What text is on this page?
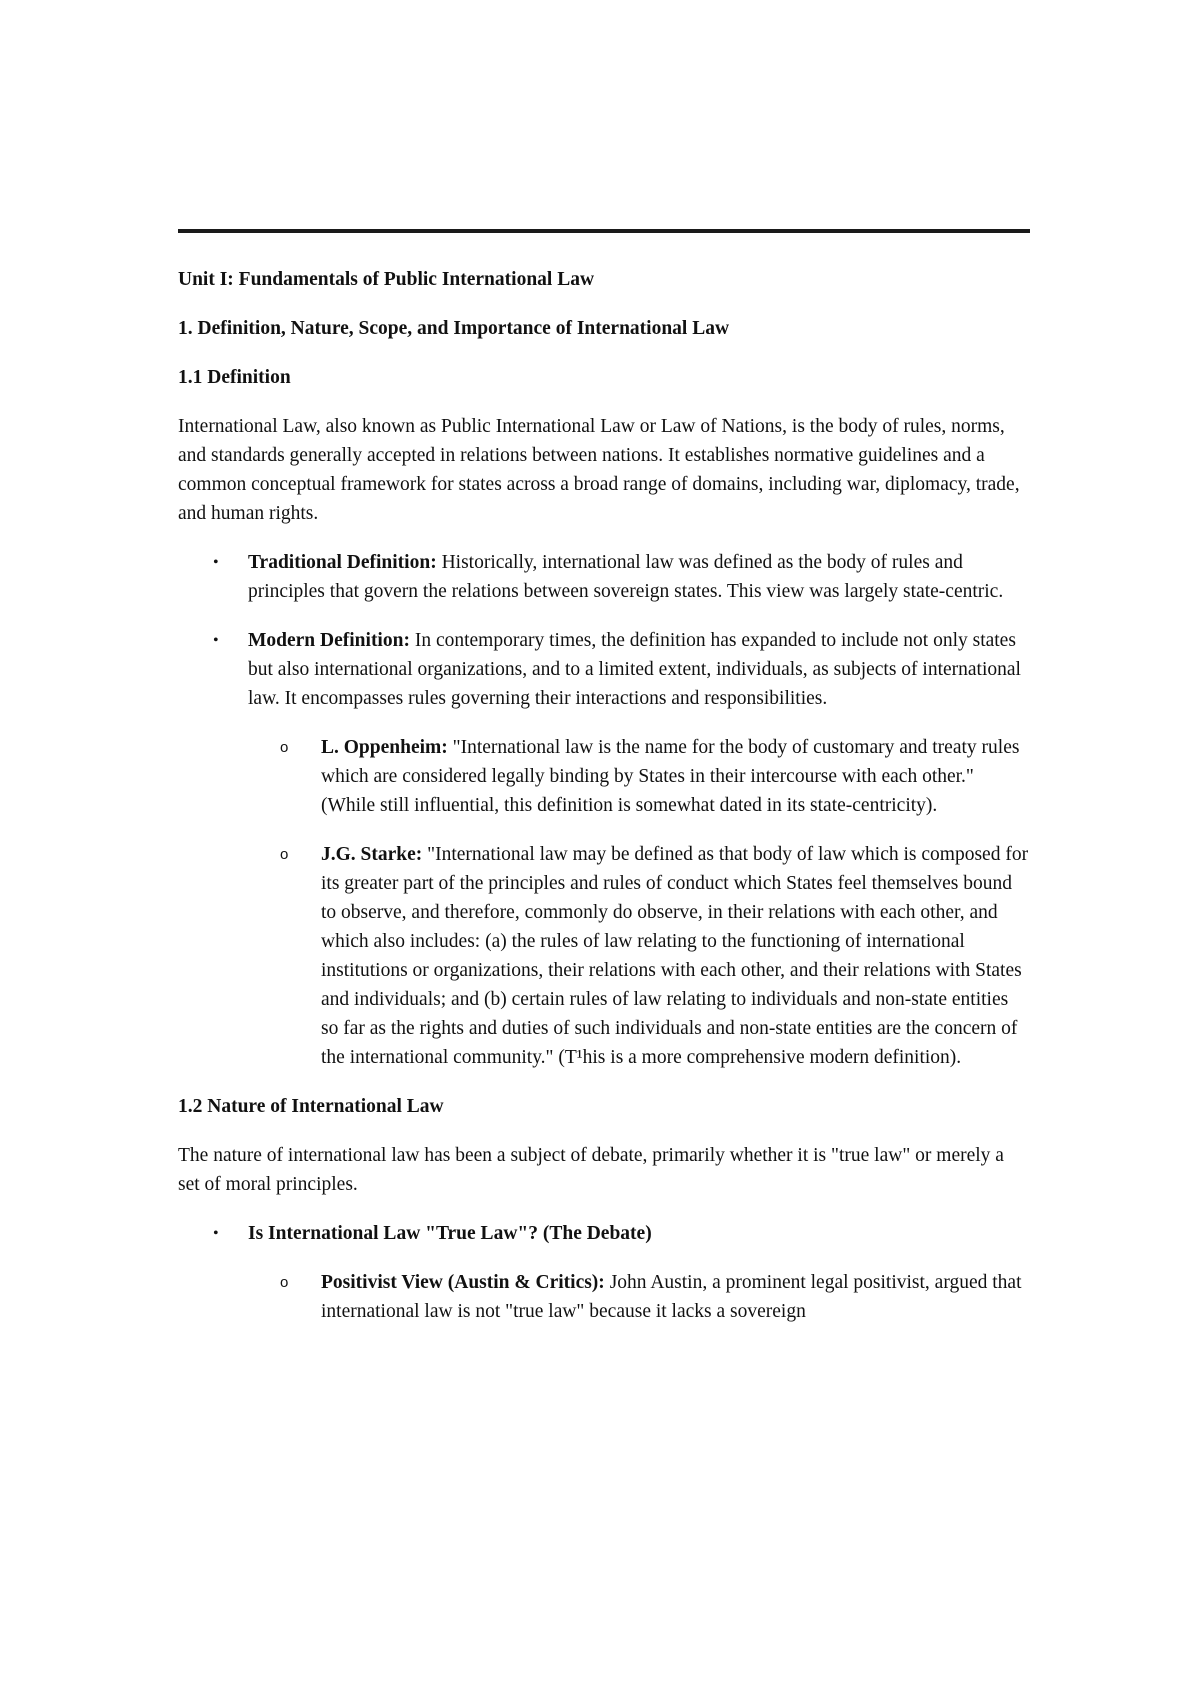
Unit I: Fundamentals of Public International Law

1. Definition, Nature, Scope, and Importance of International Law

1.1 Definition

International Law, also known as Public International Law or Law of Nations, is the body of rules, norms, and standards generally accepted in relations between nations. It establishes normative guidelines and a common conceptual framework for states across a broad range of domains, including war, diplomacy, trade, and human rights.

• Traditional Definition: Historically, international law was defined as the body of rules and principles that govern the relations between sovereign states. This view was largely state-centric.
• Modern Definition: In contemporary times, the definition has expanded to include not only states but also international organizations, and to a limited extent, individuals, as subjects of international law. It encompasses rules governing their interactions and responsibilities.
o L. Oppenheim: "International law is the name for the body of customary and treaty rules which are considered legally binding by States in their intercourse with each other." (While still influential, this definition is somewhat dated in its state-centricity).
o J.G. Starke: "International law may be defined as that body of law which is composed for its greater part of the principles and rules of conduct which States feel themselves bound to observe, and therefore, commonly do observe, in their relations with each other, and which also includes: (a) the rules of law relating to the functioning of international institutions or organizations, their relations with each other, and their relations with States and individuals; and (b) certain rules of law relating to individuals and non-state entities so far as the rights and duties of such individuals and non-state entities are the concern of the international community." (T¹his is a more comprehensive modern definition).

1.2 Nature of International Law

The nature of international law has been a subject of debate, primarily whether it is "true law" or merely a set of moral principles.

• Is International Law "True Law"? (The Debate)
o Positivist View (Austin & Critics): John Austin, a prominent legal positivist, argued that international law is not "true law" because it lacks a sovereign
